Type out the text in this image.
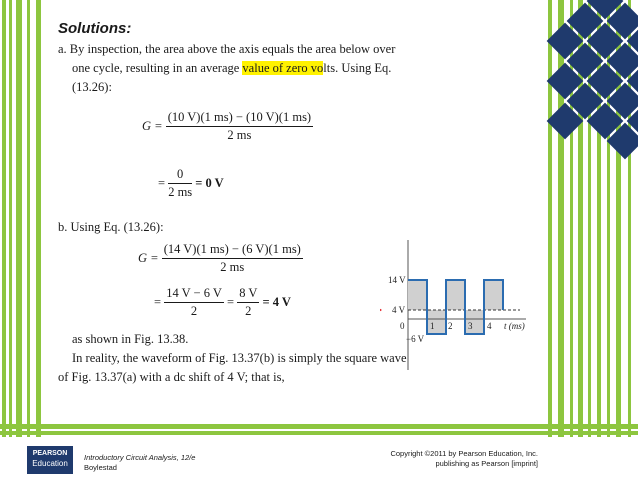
Solutions:
a. By inspection, the area above the axis equals the area below over
one cycle, resulting in an average value of zero volts. Using Eq.
(13.26):
$G = \frac{(10 V)(1 ms) - (10 V)(1 ms)}{2 ms}$
= $\frac{0}{2 ms} = 0$ V
b. Using Eq. (13.26):
$G = \frac{(14 V)(1 ms) - (6 V)(1 ms)}{2 ms}$
= $\frac{14 V - 6 V}{2} = \frac{8 V}{2} = 4$ V
as shown in Fig. 13.38.
In reality, the waveform of Fig. 13.37(b) is simply the square wave
of Fig. 13.37(a) with a dc shift of 4 V; that is,
14 V
4 V
0
−6 V
1 2 3 4 t (ms)
PEARSON
Education
Introductory Circuit Analysis, 12/e
Boylestad
Copyright ©2011 by Pearson Education, Inc.
publishing as Pearson [imprint]
